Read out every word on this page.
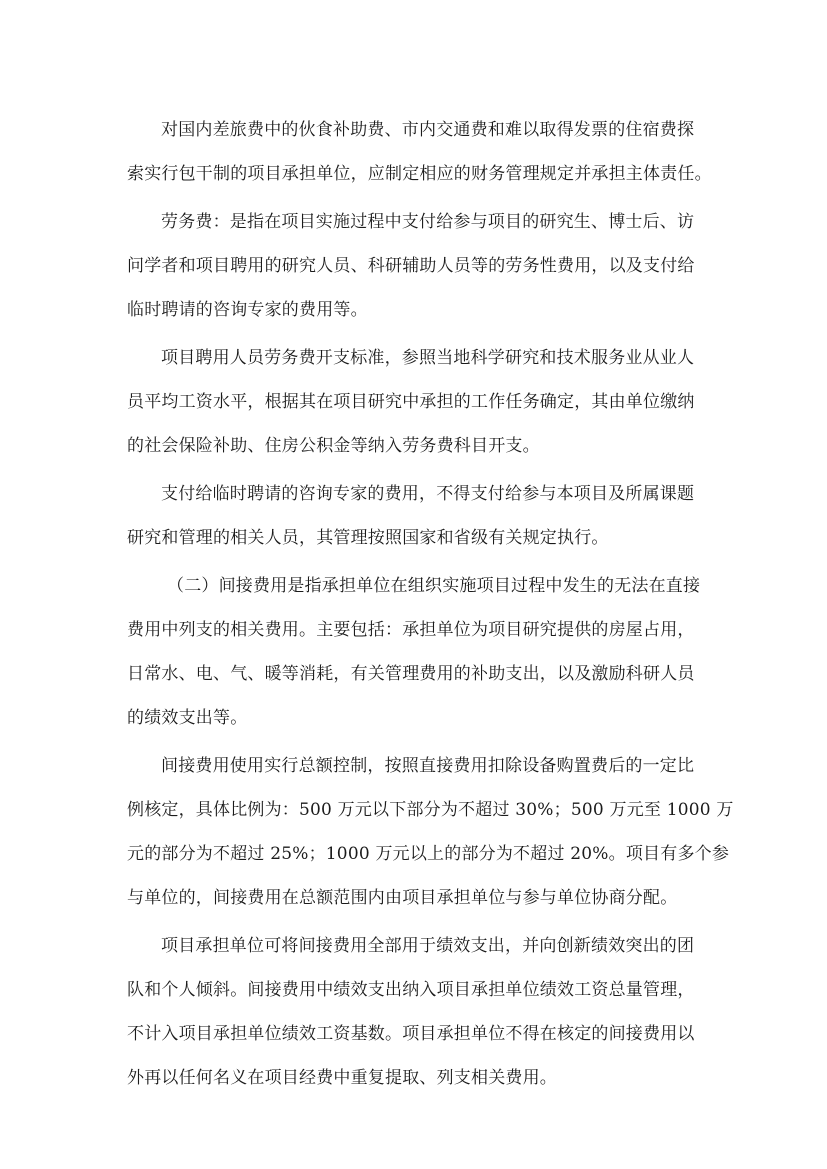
对国内差旅费中的伙食补助费、市内交通费和难以取得发票的住宿费探
索实行包干制的项目承担单位，应制定相应的财务管理规定并承担主体责任。

劳务费：是指在项目实施过程中支付给参与项目的研究生、博士后、访
问学者和项目聘用的研究人员、科研辅助人员等的劳务性费用，以及支付给
临时聘请的咨询专家的费用等。

项目聘用人员劳务费开支标准，参照当地科学研究和技术服务业从业人
员平均工资水平，根据其在项目研究中承担的工作任务确定，其由单位缴纳
的社会保险补助、住房公积金等纳入劳务费科目开支。

支付给临时聘请的咨询专家的费用，不得支付给参与本项目及所属课题
研究和管理的相关人员，其管理按照国家和省级有关规定执行。

（二）间接费用是指承担单位在组织实施项目过程中发生的无法在直接
费用中列支的相关费用。主要包括：承担单位为项目研究提供的房屋占用，
日常水、电、气、暖等消耗，有关管理费用的补助支出，以及激励科研人员
的绩效支出等。

间接费用使用实行总额控制，按照直接费用扣除设备购置费后的一定比
例核定，具体比例为：500 万元以下部分为不超过 30%；500 万元至 1000 万
元的部分为不超过 25%；1000 万元以上的部分为不超过 20%。项目有多个参
与单位的，间接费用在总额范围内由项目承担单位与参与单位协商分配。

项目承担单位可将间接费用全部用于绩效支出，并向创新绩效突出的团
队和个人倾斜。间接费用中绩效支出纳入项目承担单位绩效工资总量管理，
不计入项目承担单位绩效工资基数。项目承担单位不得在核定的间接费用以
外再以任何名义在项目经费中重复提取、列支相关费用。
